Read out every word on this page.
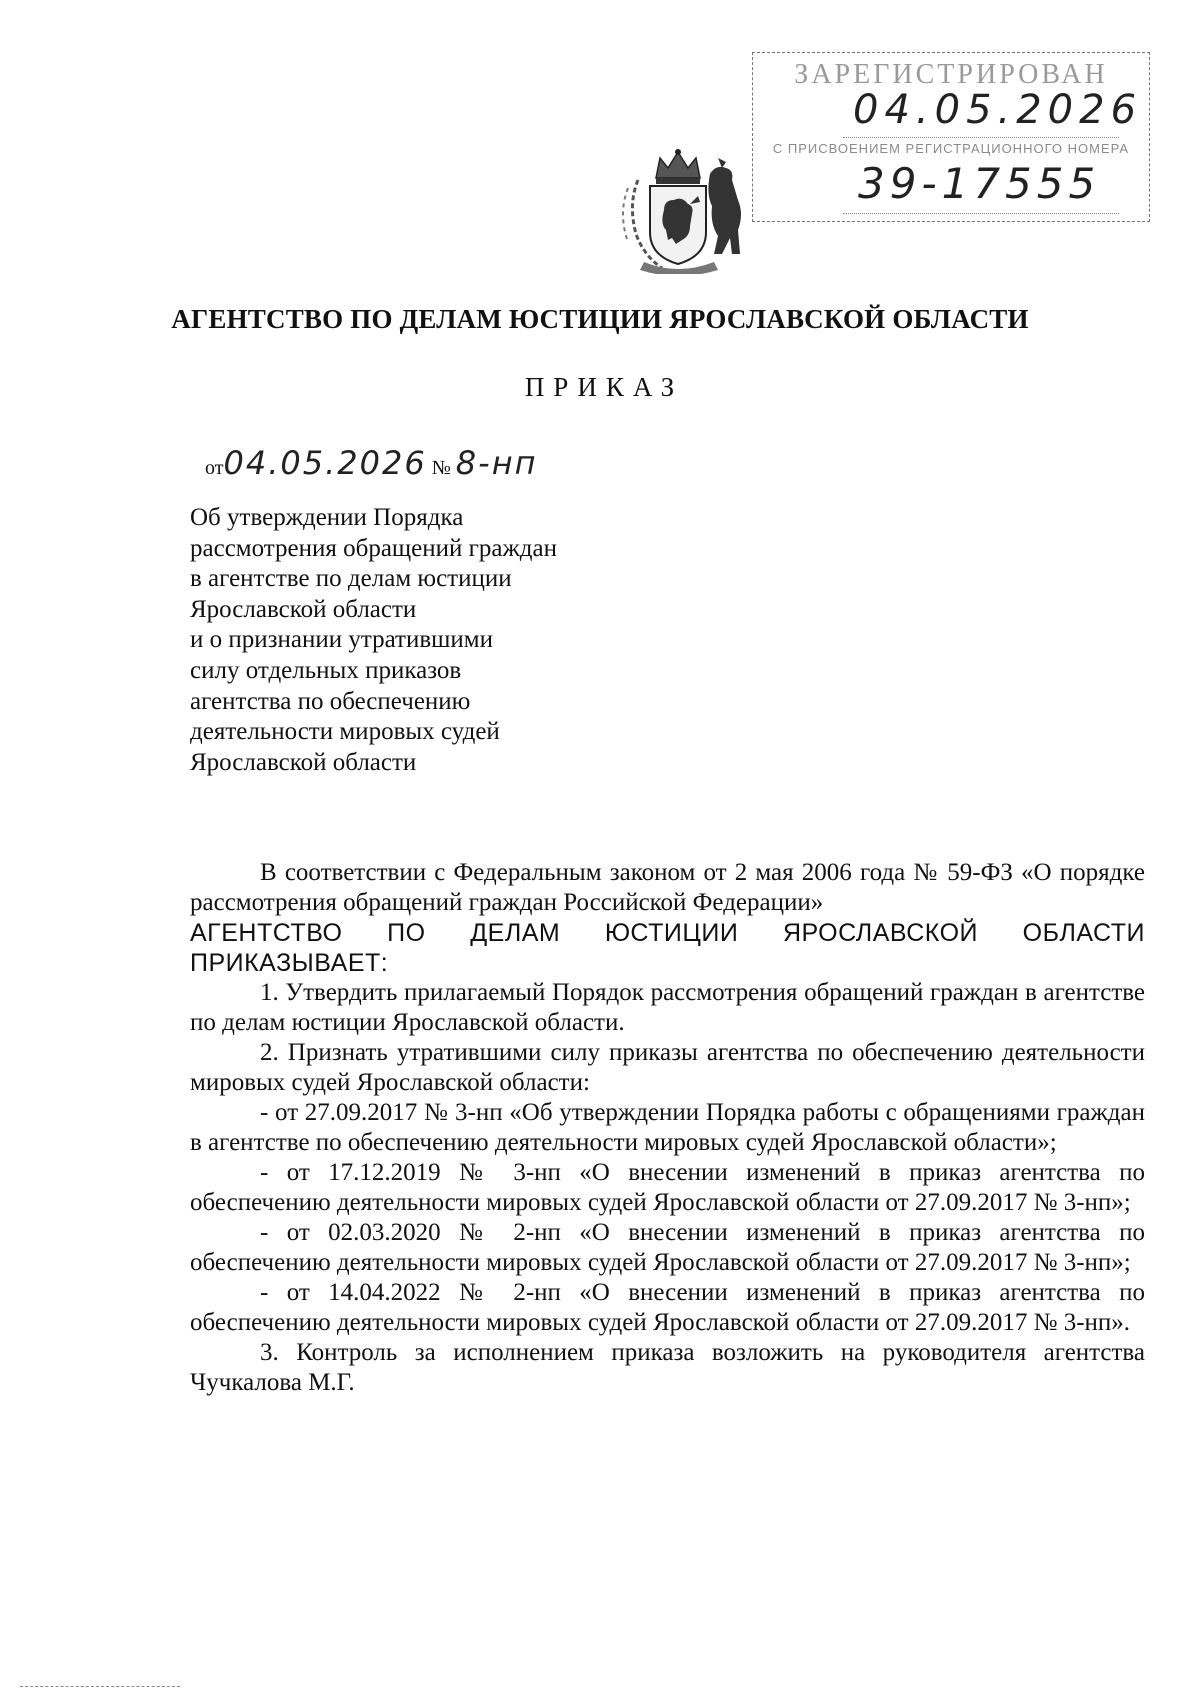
ЗАРЕГИСТРИРОВАН
04.05.2026
С ПРИСВОЕНИЕМ РЕГИСТРАЦИОННОГО НОМЕРА
39-17555
АГЕНТСТВО ПО ДЕЛАМ ЮСТИЦИИ ЯРОСЛАВСКОЙ ОБЛАСТИ
ПРИКАЗ
от04.05.2026 № 8-нп
Об утверждении Порядка
рассмотрения обращений граждан
в агентстве по делам юстиции
Ярославской области
и о признании утратившими
силу отдельных приказов
агентства по обеспечению
деятельности мировых судей
Ярославской области

В соответствии с Федеральным законом от 2 мая 2006 года № 59-ФЗ «О порядке рассмотрения обращений граждан Российской Федерации»

АГЕНТСТВО ПО ДЕЛАМ ЮСТИЦИИ ЯРОСЛАВСКОЙ ОБЛАСТИ

ПРИКАЗЫВАЕТ:

1. Утвердить прилагаемый Порядок рассмотрения обращений граждан в агентстве по делам юстиции Ярославской области.

2. Признать утратившими силу приказы агентства по обеспечению деятельности мировых судей Ярославской области:

- от 27.09.2017 № 3-нп «Об утверждении Порядка работы с обращениями граждан в агентстве по обеспечению деятельности мировых судей Ярославской области»;

- от 17.12.2019 № 3-нп «О внесении изменений в приказ агентства по обеспечению деятельности мировых судей Ярославской области от 27.09.2017 № 3-нп»;

- от 02.03.2020 № 2-нп «О внесении изменений в приказ агентства по обеспечению деятельности мировых судей Ярославской области от 27.09.2017 № 3-нп»;

- от 14.04.2022 № 2-нп «О внесении изменений в приказ агентства по обеспечению деятельности мировых судей Ярославской области от 27.09.2017 № 3-нп».

3. Контроль за исполнением приказа возложить на руководителя агентства Чучкалова М.Г.
